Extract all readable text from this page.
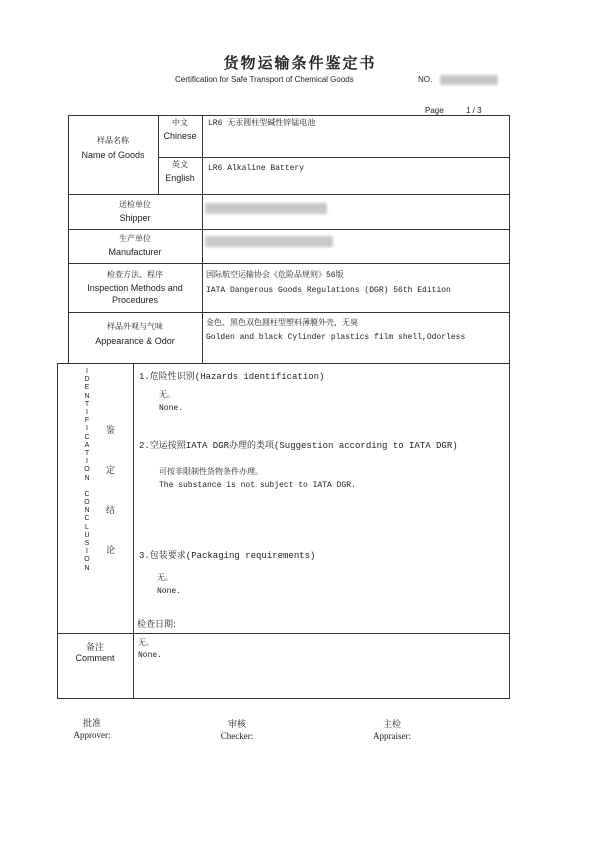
货物运输条件鉴定书
Certification for Safe Transport of Chemical Goods	NO.
Page	1 / 3
样品名称
Name of Goods
中文
Chinese
LR6 无汞圆柱型碱性锌锰电池
英文
English
LR6 Alkaline Battery
送检单位
Shipper
生产单位
Manufacturer
检查方法、程序
Inspection Methods and
Procedures
国际航空运输协会《危险品规则》56版
IATA Dangerous Goods Regulations (DGR) 56th Edition
样品外观与气味
Appearance & Odor
金色、黑色双色圆柱型塑料薄膜外壳，无臭
Golden and black Cylinder plastics film shell,Odorless
I
D
E
N
T
I
F
I
C
A
T
I
O
N
C
O
N
C
L
U
S
I
O
N
鉴
定
结
论
1.危险性识别(Hazards identification)
无。
None.
2.空运按照IATA DGR办理的类项(Suggestion according to IATA DGR)
可按非限制性货物条件办理。
The substance is not subject to IATA DGR.
3.包装要求(Packaging requirements)
无。
None.
检查日期:
备注
Comment
无。
None.
批准
Approver:
审核
Checker:
主检
Appraiser:
